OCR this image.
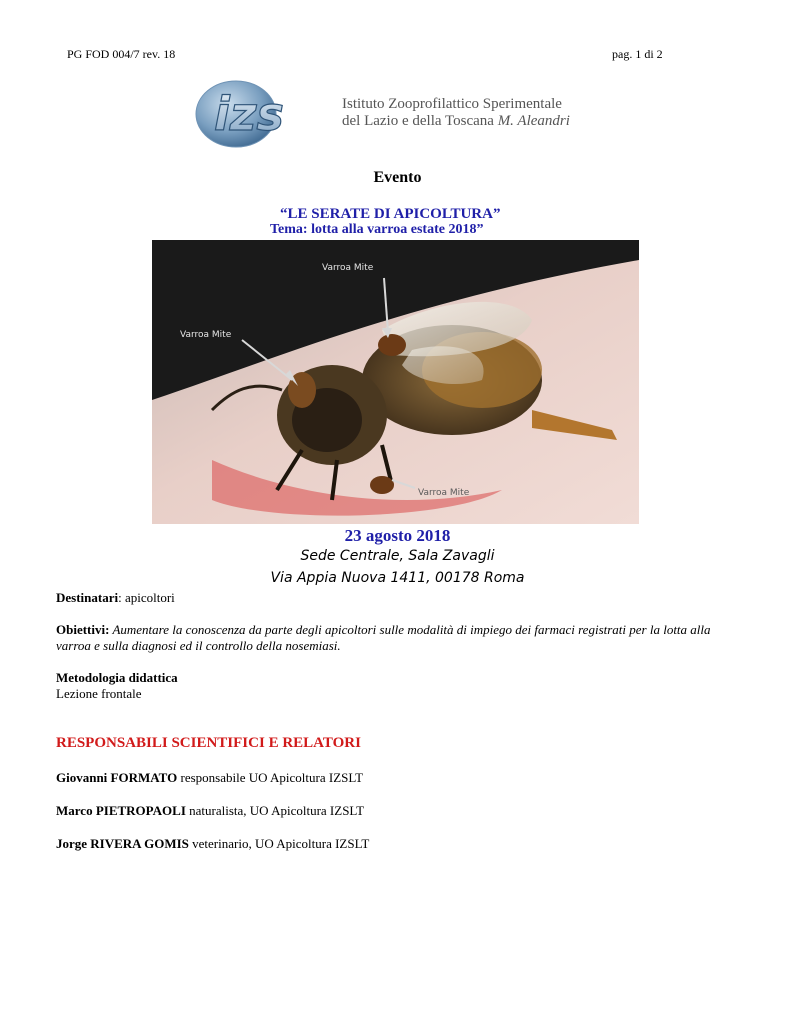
PG FOD 004/7 rev. 18	pag. 1 di 2
izs	Istituto Zooprofilattico Sperimentale
del Lazio e della Toscana M. Aleandri
Evento
“LE SERATE DI APICOLTURA”
Tema: lotta alla varroa estate 2018”
Varroa Mite
Varroa Mite
Varroa Mite
23 agosto 2018
Sede Centrale, Sala Zavagli
Via Appia Nuova 1411, 00178 Roma
Destinatari: apicoltori
Obiettivi: Aumentare la conoscenza da parte degli apicoltori sulle modalità di impiego dei farmaci registrati per la lotta alla varroa e sulla diagnosi ed il controllo della nosemiasi.
Metodologia didattica
Lezione frontale
RESPONSABILI SCIENTIFICI E RELATORI
Giovanni FORMATO responsabile UO Apicoltura IZSLT
Marco PIETROPAOLI naturalista, UO Apicoltura IZSLT
Jorge RIVERA GOMIS veterinario, UO Apicoltura IZSLT
